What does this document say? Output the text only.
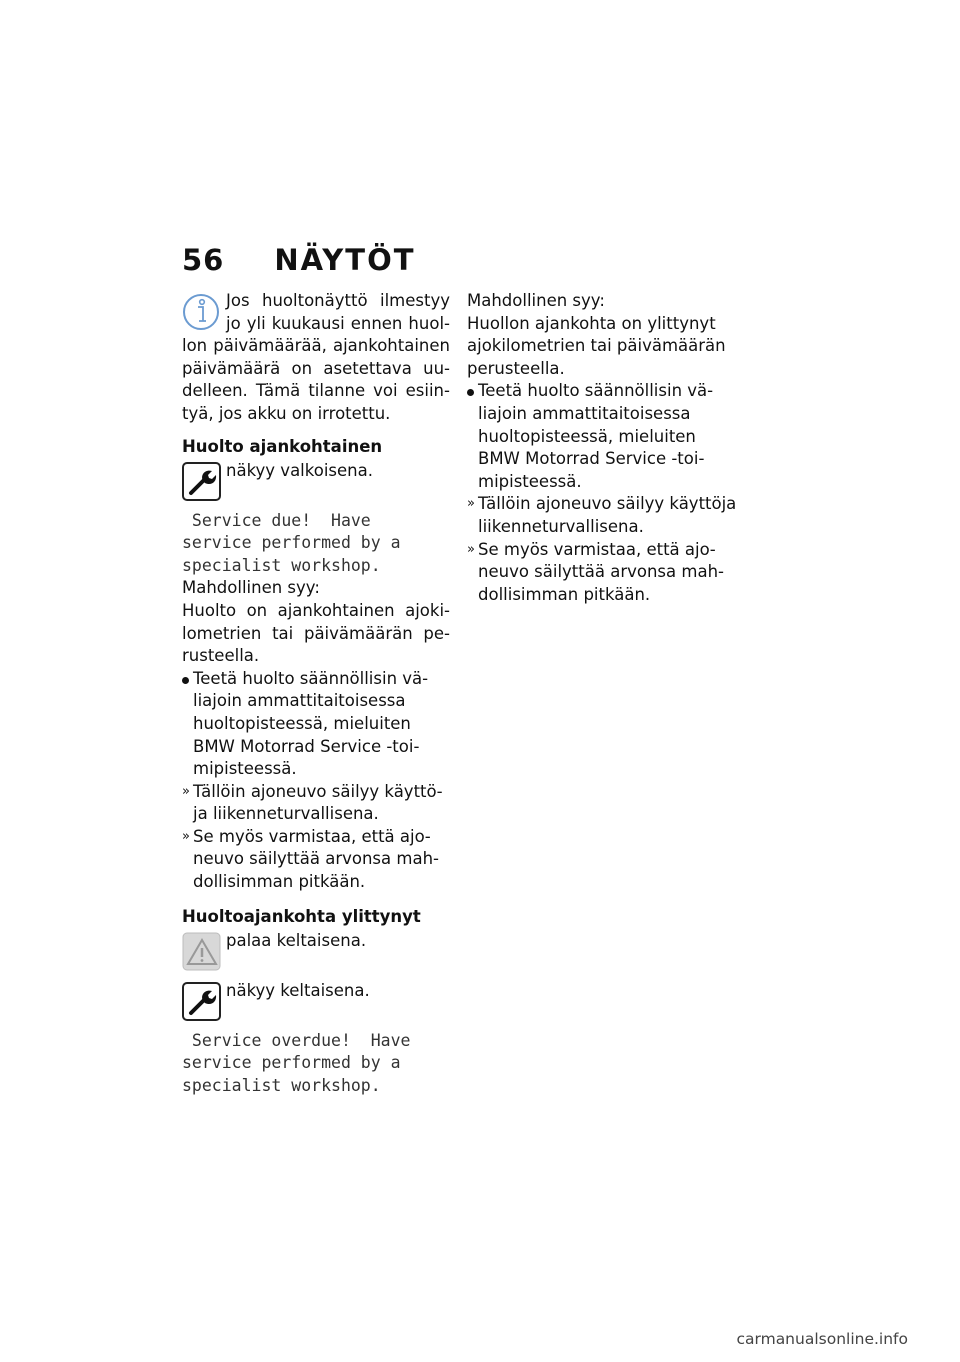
56 NÄYTÖT

Jos huoltonäyttö ilmestyy jo yli kuukausi ennen huollon päivämäärää, ajankohtainen päivämäärä on asetettava uudelleen. Tämä tilanne voi esiintyä, jos akku on irrotettu.

Huolto ajankohtainen

näkyy valkoisena.

Service due!  Have
service performed by a
specialist workshop.

Mahdollinen syy:

Huolto on ajankohtainen ajokilometrien tai päivämäärän perusteella.

Teetä huolto säännöllisin väliajoin ammattitaitoisessa huoltopisteessä, mieluiten BMW Motorrad Service -toimipisteessä.
» Tällöin ajoneuvo säilyy käyttöja liikenneturvallisena.
» Se myös varmistaa, että ajoneuvo säilyttää arvonsa mahdollisimman pitkään.
Huoltoajankohta ylittynyt

palaa keltaisena.

näkyy keltaisena.

Service overdue!  Have
service performed by a
specialist workshop.

Mahdollinen syy:

Huollon ajankohta on ylittynyt ajokilometrien tai päivämäärän perusteella.

Teetä huolto säännöllisin väliajoin ammattitaitoisessa huoltopisteessä, mieluiten BMW Motorrad Service -toimipisteessä.
» Tällöin ajoneuvo säilyy käyttöja liikenneturvallisena.
» Se myös varmistaa, että ajoneuvo säilyttää arvonsa mahdollisimman pitkään.
carmanualsonline.info
